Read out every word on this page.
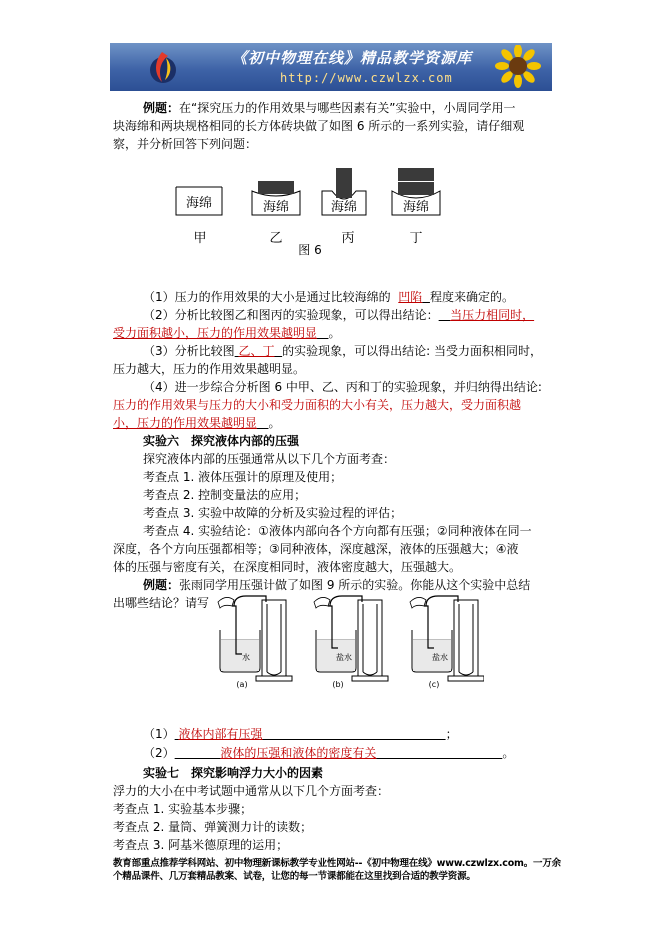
《初中物理在线》精品教学资源库
http://www.czwlzx.com
例题：在“探究压力的作用效果与哪些因素有关”实验中，小周同学用一
块海绵和两块规格相同的长方体砖块做了如图 6 所示的一系列实验，请仔细观
察，并分析回答下列问题：
海绵	海绵	海绵	海绵
甲	乙	丙	丁
图 6
（1）压力的作用效果的大小是通过比较海绵的 凹陷 程度来确定的。
（2）分析比较图乙和图丙的实验现象，可以得出结论： 当压力相同时，
受力面积越小，压力的作用效果越明显 。
（3）分析比较图 乙、丁 的实验现象，可以得出结论: 当受力面积相同时，
压力越大，压力的作用效果越明显。
（4）进一步综合分析图 6 中甲、乙、丙和丁的实验现象，并归纳得出结论:
压力的作用效果与压力的大小和受力面积的大小有关，压力越大，受力面积越
小，压力的作用效果越明显 。
实验六　探究液体内部的压强
探究液体内部的压强通常从以下几个方面考查：
考查点 1. 液体压强计的原理及使用；
考查点 2. 控制变量法的应用；
考查点 3. 实验中故障的分析及实验过程的评估；
考查点 4. 实验结论：①液体内部向各个方向都有压强；②同种液体在同一
深度，各个方向压强都相等；③同种液体，深度越深，液体的压强越大；④液
体的压强与密度有关，在深度相同时，液体密度越大，压强越大。
例题：张雨同学用压强计做了如图 9 所示的实验。你能从这个实验中总结
出哪些结论？请写
水
(a)
盐水
(b)
盐水
(c)
（1） 液体内部有压强	；
（2）	液体的压强和液体的密度有关	。
实验七　探究影响浮力大小的因素
浮力的大小在中考试题中通常从以下几个方面考查：
考查点 1. 实验基本步骤；
考查点 2. 量筒、弹簧测力计的读数；
考查点 3. 阿基米德原理的运用；
教育部重点推荐学科网站、初中物理新课标教学专业性网站--《初中物理在线》www.czwlzx.com。一万余
个精品课件、几万套精品教案、试卷，让您的每一节课都能在这里找到合适的教学资源。
